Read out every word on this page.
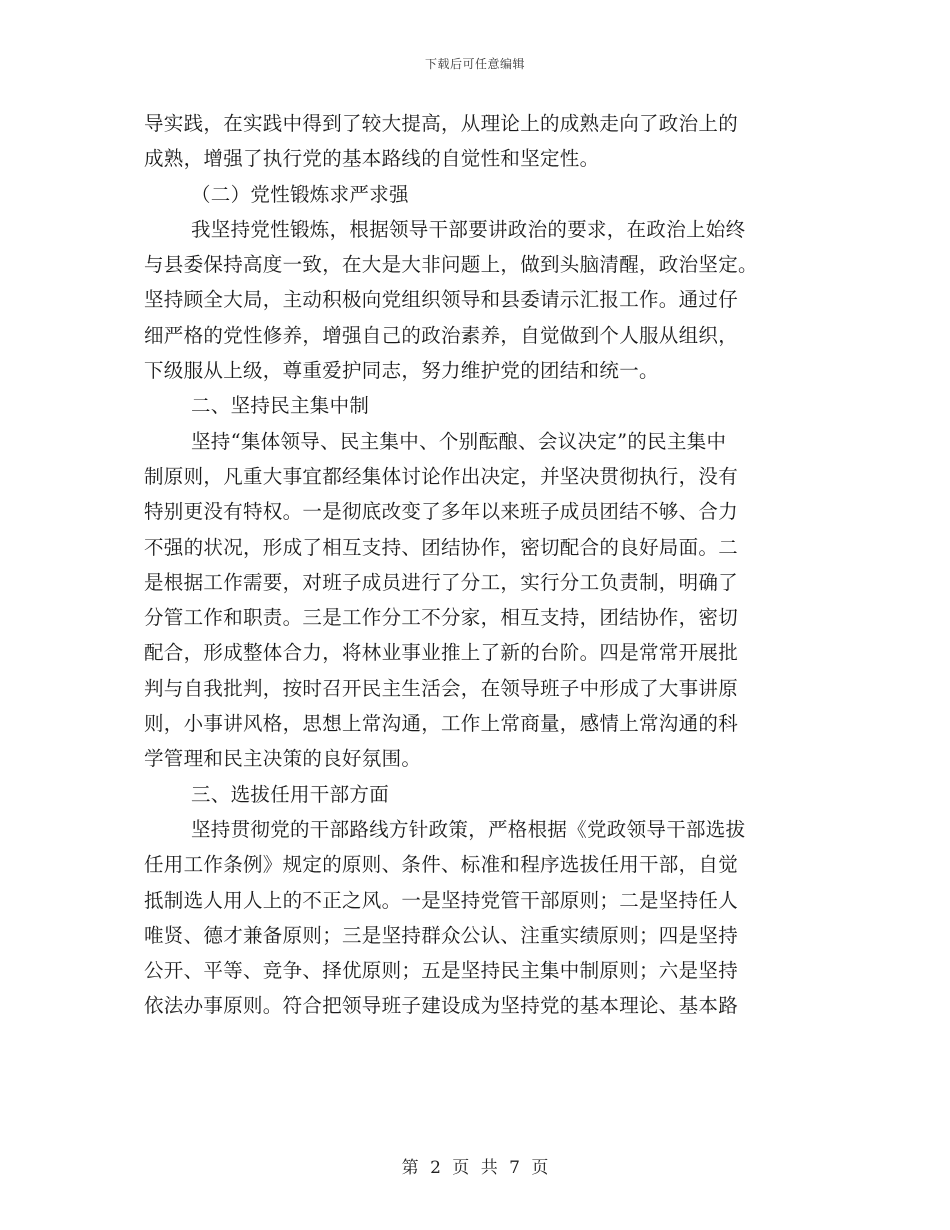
下载后可任意编辑
导实践，在实践中得到了较大提高，从理论上的成熟走向了政治上的
成熟，增强了执行党的基本路线的自觉性和坚定性。
（二）党性锻炼求严求强
我坚持党性锻炼，根据领导干部要讲政治的要求，在政治上始终
与县委保持高度一致，在大是大非问题上，做到头脑清醒，政治坚定。
坚持顾全大局，主动积极向党组织领导和县委请示汇报工作。通过仔
细严格的党性修养，增强自己的政治素养，自觉做到个人服从组织，
下级服从上级，尊重爱护同志，努力维护党的团结和统一。
二、坚持民主集中制
坚持“集体领导、民主集中、个别酝酿、会议决定”的民主集中
制原则，凡重大事宜都经集体讨论作出决定，并坚决贯彻执行，没有
特别更没有特权。一是彻底改变了多年以来班子成员团结不够、合力
不强的状况，形成了相互支持、团结协作，密切配合的良好局面。二
是根据工作需要，对班子成员进行了分工，实行分工负责制，明确了
分管工作和职责。三是工作分工不分家，相互支持，团结协作，密切
配合，形成整体合力，将林业事业推上了新的台阶。四是常常开展批
判与自我批判，按时召开民主生活会，在领导班子中形成了大事讲原
则，小事讲风格，思想上常沟通，工作上常商量，感情上常沟通的科
学管理和民主决策的良好氛围。
三、选拔任用干部方面
坚持贯彻党的干部路线方针政策，严格根据《党政领导干部选拔
任用工作条例》规定的原则、条件、标准和程序选拔任用干部，自觉
抵制选人用人上的不正之风。一是坚持党管干部原则；二是坚持任人
唯贤、德才兼备原则；三是坚持群众公认、注重实绩原则；四是坚持
公开、平等、竞争、择优原则；五是坚持民主集中制原则；六是坚持
依法办事原则。符合把领导班子建设成为坚持党的基本理论、基本路
第 2 页 共 7 页
